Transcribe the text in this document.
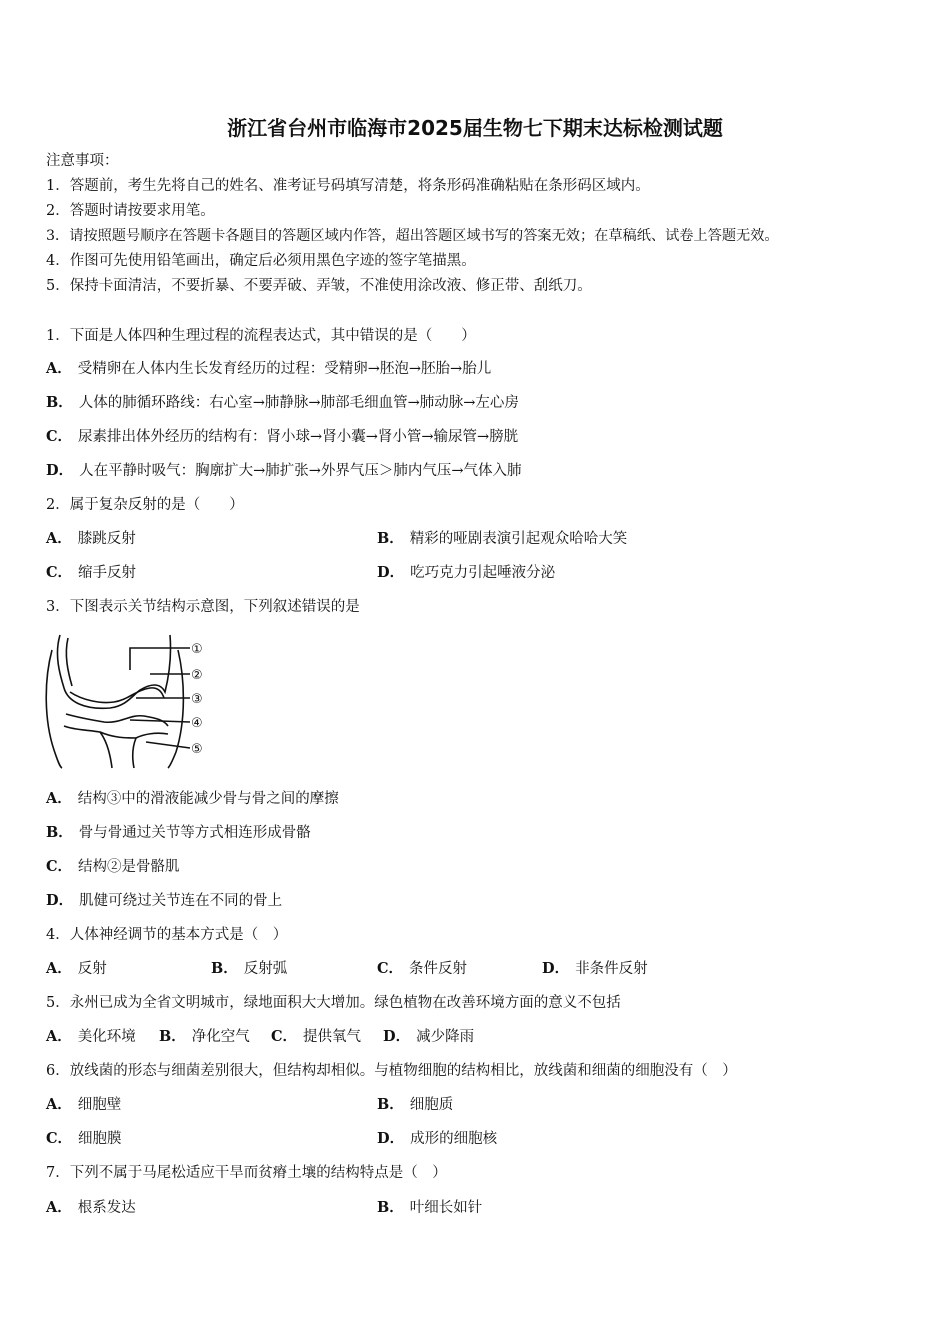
浙江省台州市临海市2025届生物七下期末达标检测试题
注意事项：
1．答题前，考生先将自己的姓名、准考证号码填写清楚，将条形码准确粘贴在条形码区域内。
2．答题时请按要求用笔。
3．请按照题号顺序在答题卡各题目的答题区域内作答，超出答题区域书写的答案无效；在草稿纸、试卷上答题无效。
4．作图可先使用铅笔画出，确定后必须用黑色字迹的签字笔描黑。
5．保持卡面清洁，不要折暴、不要弄破、弄皱，不准使用涂改液、修正带、刮纸刀。
1．下面是人体四种生理过程的流程表达式，其中错误的是（　　）
A． 受精卵在人体内生长发育经历的过程：受精卵→胚泡→胚胎→胎儿
B． 人体的肺循环路线：右心室→肺静脉→肺部毛细血管→肺动脉→左心房
C． 尿素排出体外经历的结构有：肾小球→肾小囊→肾小管→输尿管→膀胱
D． 人在平静时吸气：胸廓扩大→肺扩张→外界气压＞肺内气压→气体入肺
2．属于复杂反射的是（　　）
A． 膝跳反射	B． 精彩的哑剧表演引起观众哈哈大笑
C． 缩手反射	D． 吃巧克力引起唾液分泌
3．下图表示关节结构示意图，下列叙述错误的是
①
②
③
④
⑤
A． 结构③中的滑液能减少骨与骨之间的摩擦
B． 骨与骨通过关节等方式相连形成骨骼
C． 结构②是骨骼肌
D． 肌健可绕过关节连在不同的骨上
4．人体神经调节的基本方式是（　）
A． 反射	B． 反射弧	C． 条件反射	D． 非条件反射
5．永州已成为全省文明城市，绿地面积大大增加。绿色植物在改善环境方面的意义不包括
A． 美化环境 B． 净化空气 C． 提供氧气 D． 减少降雨
6．放线菌的形态与细菌差别很大，但结构却相似。与植物细胞的结构相比，放线菌和细菌的细胞没有（　）
A． 细胞壁	B． 细胞质
C． 细胞膜	D． 成形的细胞核
7．下列不属于马尾松适应干旱而贫瘠土壤的结构特点是（　）
A． 根系发达	B． 叶细长如针
